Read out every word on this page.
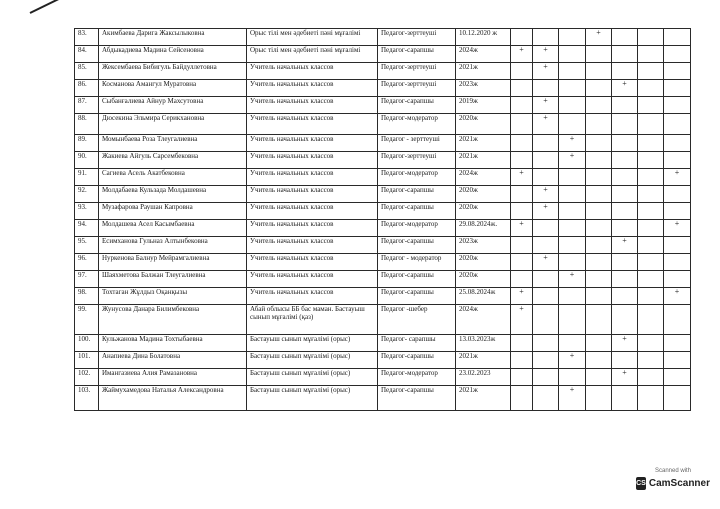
83.	Акимбаева Дарига Жаксылыковна	Орыс тілі мен әдебиеті пәні мұғалімі	Педагог-зерттеуші	10.12.2020 ж				+			
84.	Абдыкадиева Мадина Сейсеновна	Орыс тілі мен әдебиеті пәні мұғалімі	Педагог-сарапшы	2024ж	+	+					
85.	Жексембаева Бибигуль Байдуллетовна	Учитель начальных классов	Педагог-зерттеуші	2021ж		+					
86.	Косманова Амангул Муратовна	Учитель начальных классов	Педагог-зерттеуші	2023ж					+		
87.	Сыбанғалиева Айнур Махсутовна	Учитель начальных классов	Педагог-сарапшы	2019ж		+					
88.	Дюсекина Эльмира Серикхановна	Учитель начальных классов	Педагог-модератор	2020ж		+					
89.	Момынбаева Роза Тлеугалиевна	Учитель начальных классов	Педагог - зерттеуші	2021ж			+				
90.	Жакиева Айгуль Сарсембековна	Учитель начальных классов	Педагог-зерттеуші	2021ж			+				
91.	Сагиева Асель Акатбековна	Учитель начальных классов	Педагог-модератор	2024ж	+						+
92.	Молдабаева Кульзада Молдашевна	Учитель начальных классов	Педагог-сарапшы	2020ж		+					
93.	Музафарова Раушан Капровна	Учитель начальных классов	Педагог-сарапшы	2020ж		+					
94.	Молдашева Асел Касымбаевна	Учитель начальных классов	Педагог-модератор	29.08.2024ж.	+						+
95.	Есимханова Гульназ Алтынбековна	Учитель начальных классов	Педагог-сарапшы	2023ж					+		
96.	Нуркенова Балнур Мейрамгалиевна	Учитель начальных классов	Педагог - модератор	2020ж		+					
97.	Шаяхметова Балжан Тлеугалиевна	Учитель начальных классов	Педагог-сарапшы	2020ж			+				
98.	Тохтаган Жұлдыз Оқанқызы	Учитель начальных классов	Педагог-сарапшы	25.08.2024ж	+						+
99.	Жунусова Данара Билимбековна	Абай облысы ББ бас маман. Бастауыш сынып мұғалімі (қаз)	Педагог -шебер	2024ж	+						
100.	Кульжанова Мадина Тохтыбаевна	Бастауыш сынып мұғалімі (орыс)	Педагог- сарапшы	13.03.2023ж					+		
101.	Анапиева Дина Болатовна	Бастауыш сынып мұғалімі (орыс)	Педагог-сарапшы	2021ж			+				
102.	Имангазиева Алия Рамазановна	Бастауыш сынып мұғалімі (орыс)	Педагог-модератор	23.02.2023					+		
103.	Жаймухамедова Наталья Александровна	Бастауыш сынып мұғалімі (орыс)	Педагог-сарапшы	2021ж			+				
Scanned with
CS CamScanner
